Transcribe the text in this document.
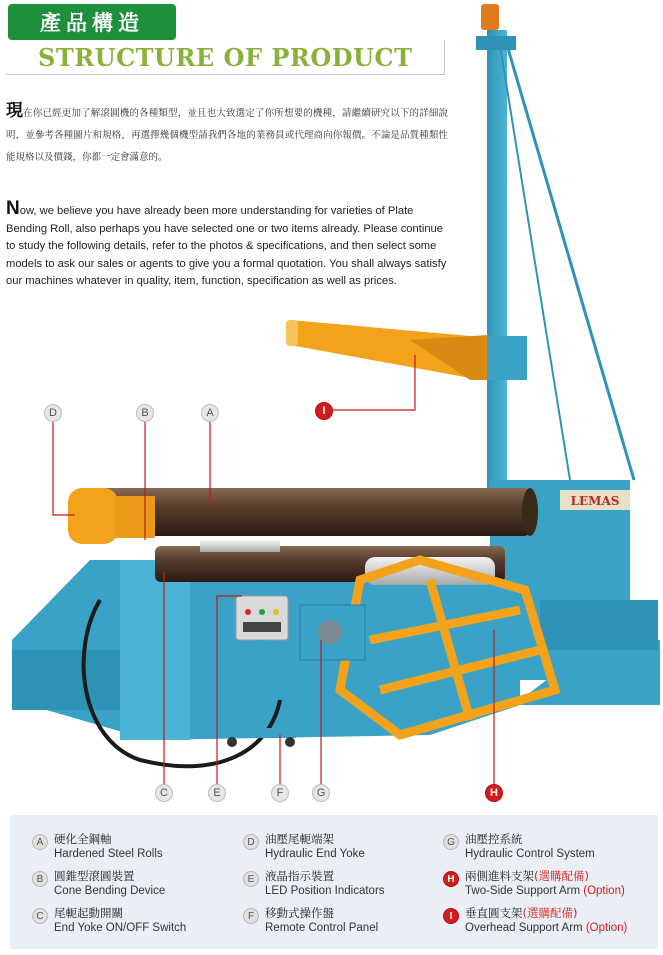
產品構造
STRUCTURE OF PRODUCT
現在你已經更加了解滾圓機的各種類型，並且也大致選定了你所想要的機種，請繼續研究以下的詳細說明，並參考各種圖片和規格，再選擇幾個機型請我們各地的業務員或代理商向你報價。不論是品質種類性能規格以及價錢，你都一定會滿意的。
Now, we believe you have already been more understanding for varieties of Plate Bending Roll, also perhaps you have selected one or two items already. Please continue to study the following details, refer to the photos & specifications, and then select some models to ask our sales or agents to give you a formal quotation. You shall always satisfy our machines whatever in quality, item, function, specification as well as prices.
LEMAS
D	B	A	I
C	E	F	G	H
A 硬化全鋼軸
Hardened Steel Rolls
B 圓錐型滾圓裝置
Cone Bending Device
C 尾軛起動開關
End Yoke ON/OFF Switch
D 油壓尾軛端架
Hydraulic End Yoke
E 液晶指示裝置
LED Position Indicators
F 移動式操作盤
Remote Control Panel
G 油壓控系統
Hydraulic Control System
H 兩側進料支架(選購配備)
Two-Side Support Arm (Option)
I	垂直圓支架(選購配備)
Overhead Support Arm (Option)
